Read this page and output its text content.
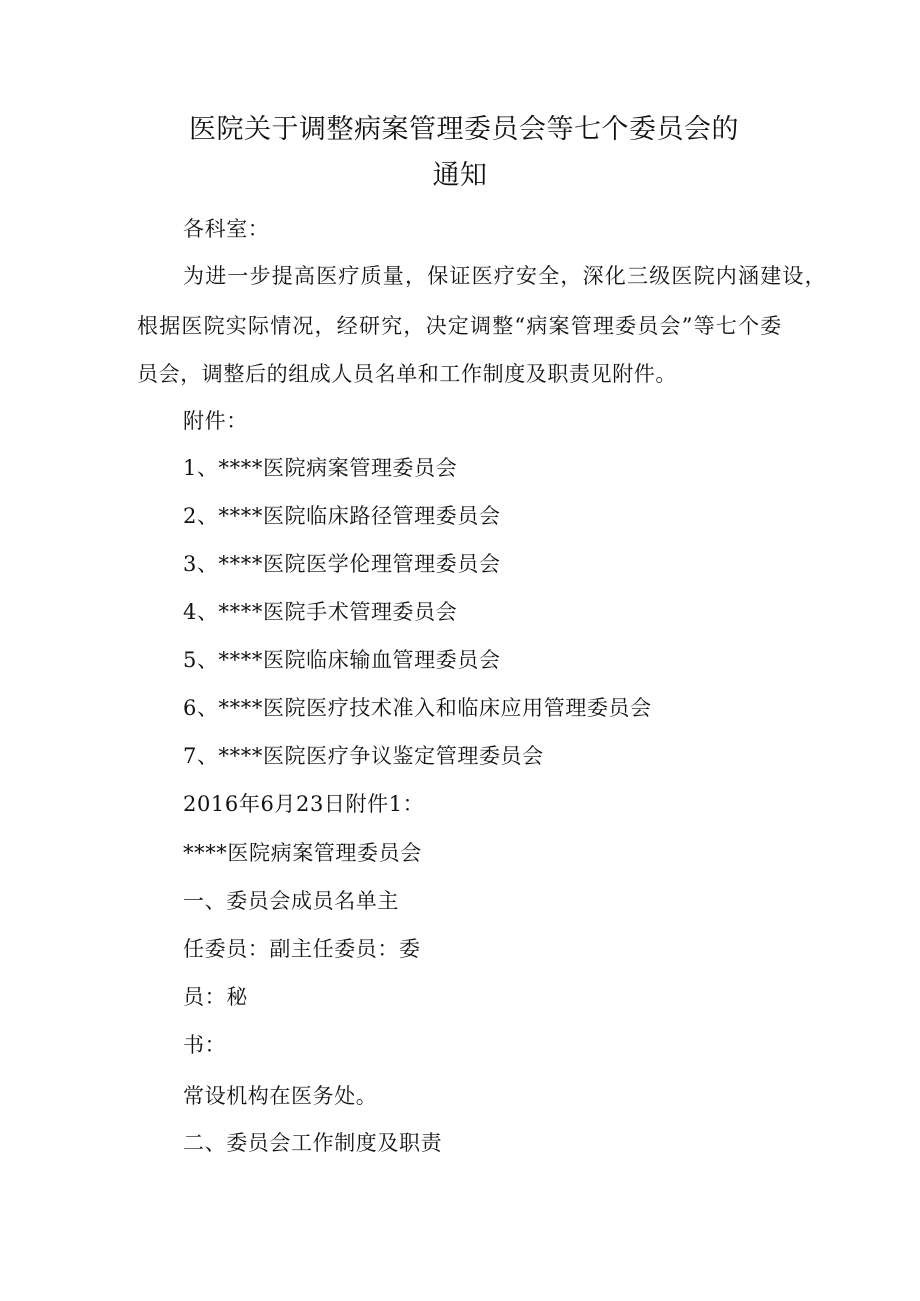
医院关于调整病案管理委员会等七个委员会的
通知
各科室：
为进一步提高医疗质量，保证医疗安全，深化三级医院内涵建设，
根据医院实际情况，经研究，决定调整“病案管理委员会”等七个委
员会，调整后的组成人员名单和工作制度及职责见附件。
附件：
1、****医院病案管理委员会
2、****医院临床路径管理委员会
3、****医院医学伦理管理委员会
4、****医院手术管理委员会
5、****医院临床输血管理委员会
6、****医院医疗技术准入和临床应用管理委员会
7、****医院医疗争议鉴定管理委员会
2016年6月23日附件1：
****医院病案管理委员会
一、委员会成员名单主
任委员：副主任委员：委
员：秘
书：
常设机构在医务处。
二、委员会工作制度及职责
